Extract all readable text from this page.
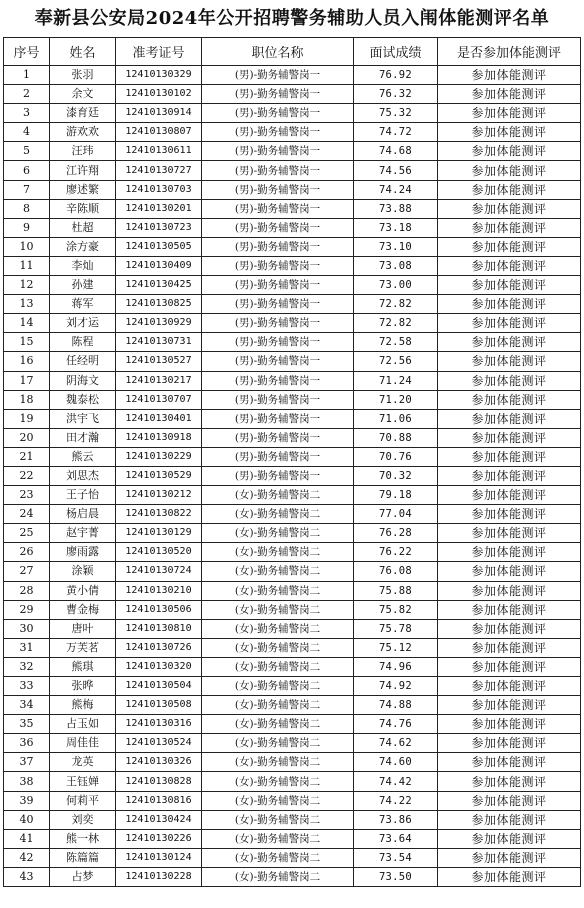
奉新县公安局2024年公开招聘警务辅助人员入闱体能测评名单
序号	姓名	准考证号	职位名称	面试成绩	是否参加体能测评
1	张羽	12410130329	(男)-勤务辅警岗一	76.92	参加体能测评
2	余文	12410130102	(男)-勤务辅警岗一	76.32	参加体能测评
3	漆育廷	12410130914	(男)-勤务辅警岗一	75.32	参加体能测评
4	游欢欢	12410130807	(男)-勤务辅警岗一	74.72	参加体能测评
5	汪玮	12410130611	(男)-勤务辅警岗一	74.68	参加体能测评
6	江许翔	12410130727	(男)-勤务辅警岗一	74.56	参加体能测评
7	廖述繁	12410130703	(男)-勤务辅警岗一	74.24	参加体能测评
8	辛陈顺	12410130201	(男)-勤务辅警岗一	73.88	参加体能测评
9	杜超	12410130723	(男)-勤务辅警岗一	73.18	参加体能测评
10	涂方豪	12410130505	(男)-勤务辅警岗一	73.10	参加体能测评
11	李灿	12410130409	(男)-勤务辅警岗一	73.08	参加体能测评
12	孙建	12410130425	(男)-勤务辅警岗一	73.00	参加体能测评
13	蒋军	12410130825	(男)-勤务辅警岗一	72.82	参加体能测评
14	刘才运	12410130929	(男)-勤务辅警岗一	72.82	参加体能测评
15	陈程	12410130731	(男)-勤务辅警岗一	72.58	参加体能测评
16	任经明	12410130527	(男)-勤务辅警岗一	72.56	参加体能测评
17	阴海文	12410130217	(男)-勤务辅警岗一	71.24	参加体能测评
18	魏泰松	12410130707	(男)-勤务辅警岗一	71.20	参加体能测评
19	洪宇飞	12410130401	(男)-勤务辅警岗一	71.06	参加体能测评
20	田才瀚	12410130918	(男)-勤务辅警岗一	70.88	参加体能测评
21	熊云	12410130229	(男)-勤务辅警岗一	70.76	参加体能测评
22	刘思杰	12410130529	(男)-勤务辅警岗一	70.32	参加体能测评
23	王子怡	12410130212	(女)-勤务辅警岗二	79.18	参加体能测评
24	杨启晨	12410130822	(女)-勤务辅警岗二	77.04	参加体能测评
25	赵宇菁	12410130129	(女)-勤务辅警岗二	76.28	参加体能测评
26	廖雨露	12410130520	(女)-勤务辅警岗二	76.22	参加体能测评
27	涂颖	12410130724	(女)-勤务辅警岗二	76.08	参加体能测评
28	黄小倩	12410130210	(女)-勤务辅警岗二	75.88	参加体能测评
29	曹金梅	12410130506	(女)-勤务辅警岗二	75.82	参加体能测评
30	唐叶	12410130810	(女)-勤务辅警岗二	75.78	参加体能测评
31	万芙茗	12410130726	(女)-勤务辅警岗二	75.12	参加体能测评
32	熊琪	12410130320	(女)-勤务辅警岗二	74.96	参加体能测评
33	张晔	12410130504	(女)-勤务辅警岗二	74.92	参加体能测评
34	熊梅	12410130508	(女)-勤务辅警岗二	74.88	参加体能测评
35	占玉如	12410130316	(女)-勤务辅警岗二	74.76	参加体能测评
36	周佳佳	12410130524	(女)-勤务辅警岗二	74.62	参加体能测评
37	龙英	12410130326	(女)-勤务辅警岗二	74.60	参加体能测评
38	王钰婵	12410130828	(女)-勤务辅警岗二	74.42	参加体能测评
39	何莉平	12410130816	(女)-勤务辅警岗二	74.22	参加体能测评
40	刘奕	12410130424	(女)-勤务辅警岗二	73.86	参加体能测评
41	熊一林	12410130226	(女)-勤务辅警岗二	73.64	参加体能测评
42	陈篇篇	12410130124	(女)-勤务辅警岗二	73.54	参加体能测评
43	占梦	12410130228	(女)-勤务辅警岗二	73.50	参加体能测评
